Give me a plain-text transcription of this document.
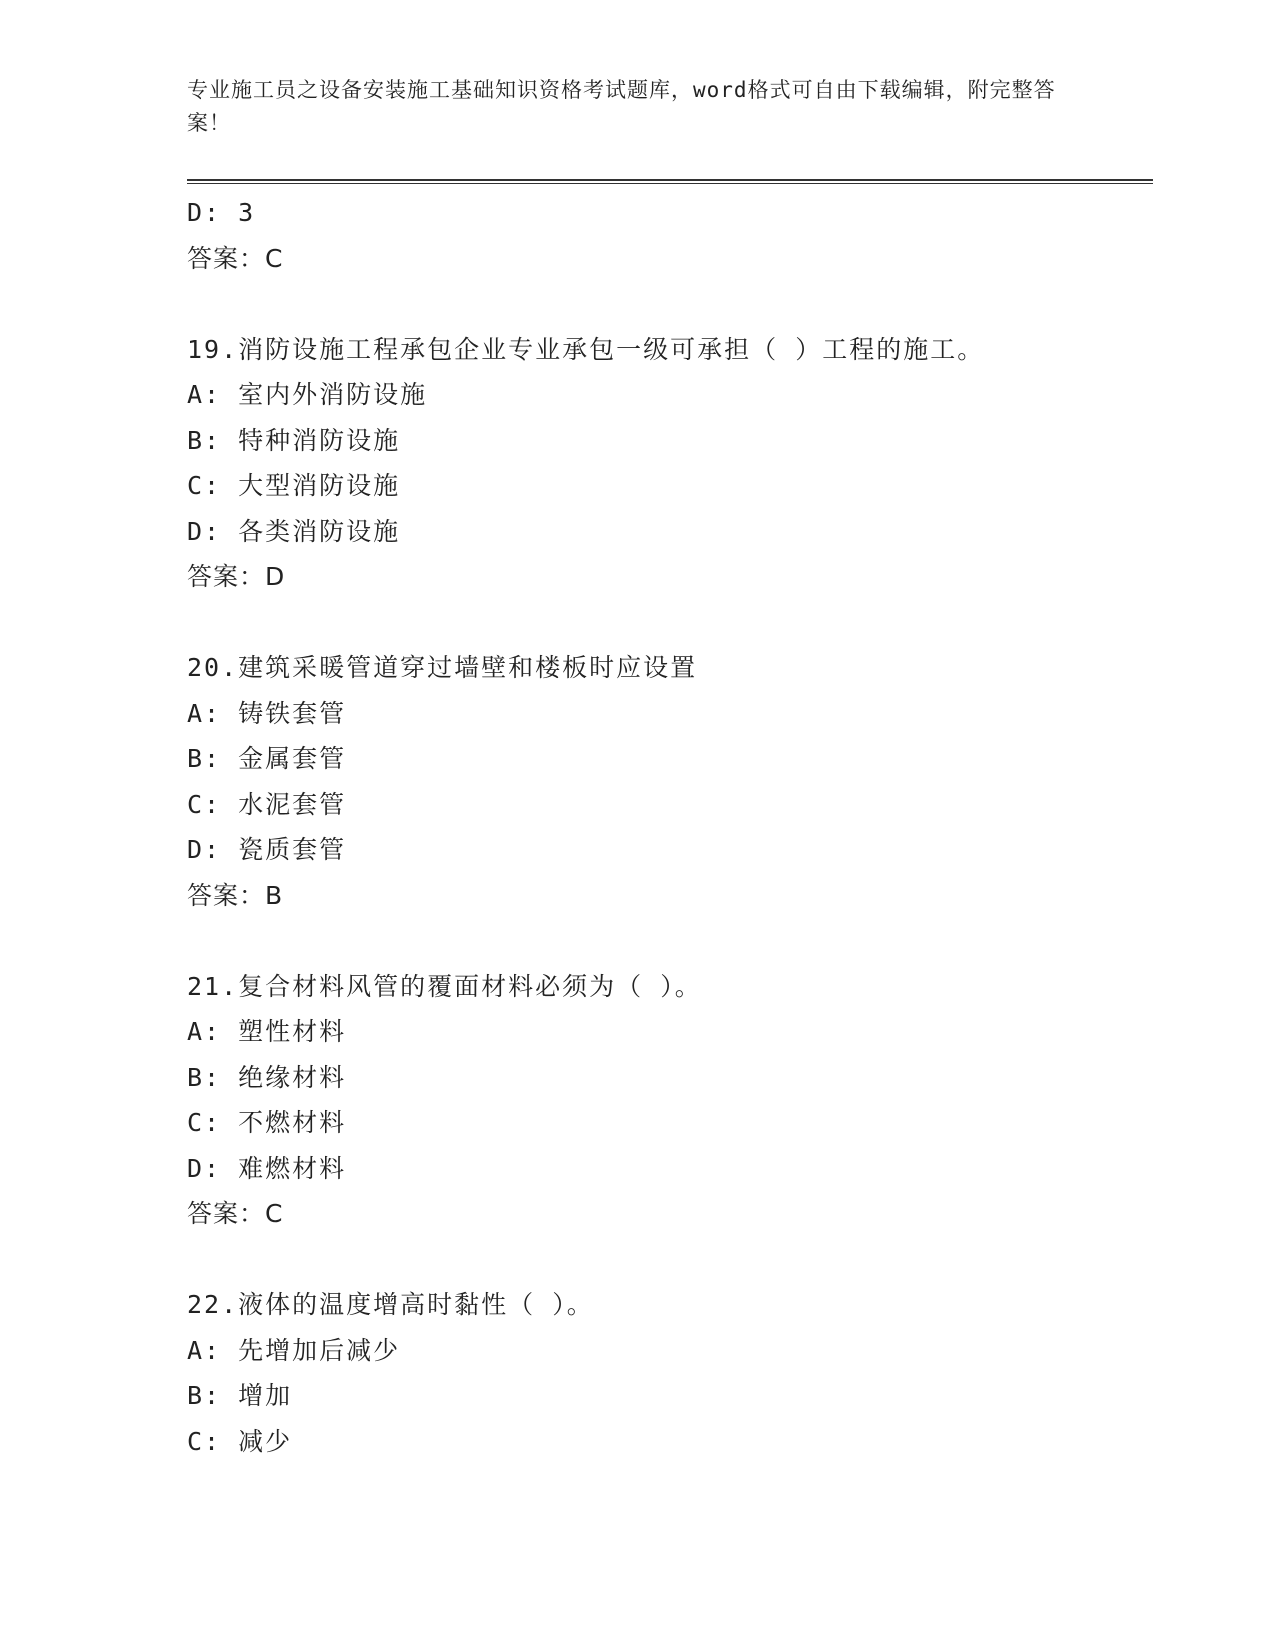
专业施工员之设备安装施工基础知识资格考试题库，word格式可自由下载编辑，附完整答案！
D: 3
答案：C
19.消防设施工程承包企业专业承包一级可承担（ ）工程的施工。
A: 室内外消防设施
B: 特种消防设施
C: 大型消防设施
D: 各类消防设施
答案：D
20.建筑采暖管道穿过墙壁和楼板时应设置
A: 铸铁套管
B: 金属套管
C: 水泥套管
D: 瓷质套管
答案：B
21.复合材料风管的覆面材料必须为（ ）。
A: 塑性材料
B: 绝缘材料
C: 不燃材料
D: 难燃材料
答案：C
22.液体的温度增高时黏性（ ）。
A: 先增加后减少
B: 增加
C: 减少
